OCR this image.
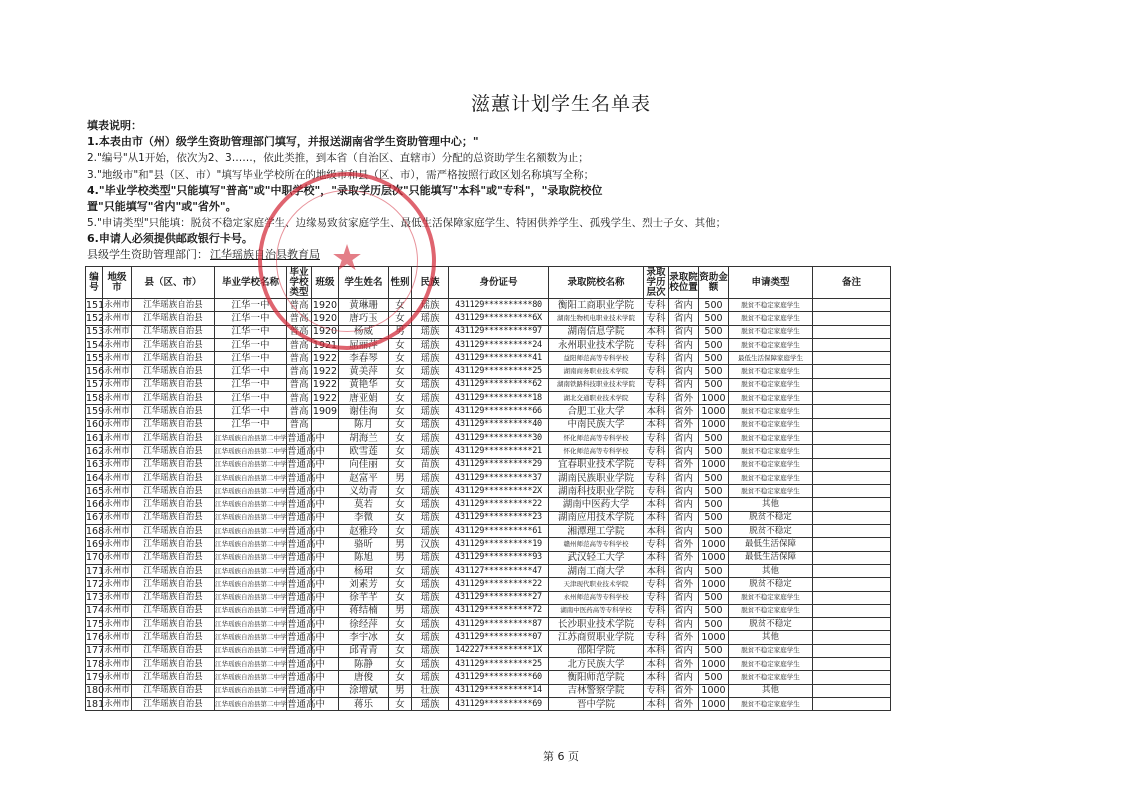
滋蕙计划学生名单表
填表说明：
1.本表由市（州）级学生资助管理部门填写，并报送湖南省学生资助管理中心；"
2."编号"从1开始，依次为2、3……，依此类推，到本省（自治区、直辖市）分配的总资助学生名额数为止；
3."地级市"和"县（区、市）"填写毕业学校所在的地级市和县（区、市），需严格按照行政区划名称填写全称；
4."毕业学校类型"只能填写"普高"或"中职学校"，"录取学历层次"只能填写"本科"或"专科"，"录取院校位
置"只能填写"省内"或"省外"。
5."申请类型"只能填：脱贫不稳定家庭学生、边缘易致贫家庭学生、最低生活保障家庭学生、特困供养学生、孤残学生、烈士子女、其他；
6.申请人必须提供邮政银行卡号。
县级学生资助管理部门： 江华瑶族自治县教育局
编号	地级市	县（区、市）	毕业学校名称	毕业学校类型	班级	学生姓名	性别	民族	身份证号	录取院校名称	录取学历层次	录取院校位置	资助金额	申请类型	备注
151	永州市	江华瑶族自治县	江华一中	普高	1920	黄琳珊	女	瑶族	431129**********80	衡阳工商职业学院	专科	省内	500	脱贫不稳定家庭学生	
152	永州市	江华瑶族自治县	江华一中	普高	1920	唐巧玉	女	瑶族	431129**********6X	湖南生物机电职业技术学院	专科	省内	500	脱贫不稳定家庭学生	
153	永州市	江华瑶族自治县	江华一中	普高	1920	杨威	男	瑶族	431129**********97	湖南信息学院	本科	省内	500	脱贫不稳定家庭学生	
154	永州市	江华瑶族自治县	江华一中	普高	1921	屈丽萍	女	瑶族	431129**********24	永州职业技术学院	专科	省内	500	脱贫不稳定家庭学生	
155	永州市	江华瑶族自治县	江华一中	普高	1922	李春琴	女	瑶族	431129**********41	益阳师范高等专科学校	专科	省内	500	最低生活保障家庭学生	
156	永州市	江华瑶族自治县	江华一中	普高	1922	黄美萍	女	瑶族	431129**********25	湖南商务职业技术学院	专科	省内	500	脱贫不稳定家庭学生	
157	永州市	江华瑶族自治县	江华一中	普高	1922	黄艳华	女	瑶族	431129**********62	湖南铁路科技职业技术学院	专科	省内	500	脱贫不稳定家庭学生	
158	永州市	江华瑶族自治县	江华一中	普高	1922	唐亚娟	女	瑶族	431129**********18	湖北交通职业技术学院	专科	省外	1000	脱贫不稳定家庭学生	
159	永州市	江华瑶族自治县	江华一中	普高	1909	谢佳洵	女	瑶族	431129**********66	合肥工业大学	本科	省外	1000	脱贫不稳定家庭学生	
160	永州市	江华瑶族自治县	江华一中	普高		陈月	女	瑶族	431129**********40	中南民族大学	本科	省外	1000	脱贫不稳定家庭学生	
161	永州市	江华瑶族自治县	江华瑶族自治县第二中学	普通高中		胡海兰	女	瑶族	431129**********30	怀化师范高等专科学校	专科	省内	500	脱贫不稳定家庭学生	
162	永州市	江华瑶族自治县	江华瑶族自治县第二中学	普通高中		欧雪莲	女	瑶族	431129**********21	怀化师范高等专科学校	专科	省内	500	脱贫不稳定家庭学生	
163	永州市	江华瑶族自治县	江华瑶族自治县第二中学	普通高中		向佳丽	女	苗族	431129**********29	宜春职业技术学院	专科	省外	1000	脱贫不稳定家庭学生	
164	永州市	江华瑶族自治县	江华瑶族自治县第二中学	普通高中		赵富平	男	瑶族	431129**********37	湖南民族职业学院	专科	省内	500	脱贫不稳定家庭学生	
165	永州市	江华瑶族自治县	江华瑶族自治县第二中学	普通高中		义幼青	女	瑶族	431129**********2X	湖南科技职业学院	专科	省内	500	脱贫不稳定家庭学生	
166	永州市	江华瑶族自治县	江华瑶族自治县第二中学	普通高中		莫若	女	瑶族	431129**********22	湖南中医药大学	本科	省内	500	其他	
167	永州市	江华瑶族自治县	江华瑶族自治县第二中学	普通高中		李微	女	瑶族	431129**********23	湖南应用技术学院	本科	省内	500	脱贫不稳定	
168	永州市	江华瑶族自治县	江华瑶族自治县第二中学	普通高中		赵雅玲	女	瑶族	431129**********61	湘潭理工学院	本科	省内	500	脱贫不稳定	
169	永州市	江华瑶族自治县	江华瑶族自治县第二中学	普通高中		骆昕	男	汉族	431129**********19	赣州师范高等专科学校	专科	省外	1000	最低生活保障	
170	永州市	江华瑶族自治县	江华瑶族自治县第二中学	普通高中		陈旭	男	瑶族	431129**********93	武汉轻工大学	本科	省外	1000	最低生活保障	
171	永州市	江华瑶族自治县	江华瑶族自治县第二中学	普通高中		杨珺	女	瑶族	431127**********47	湖南工商大学	本科	省内	500	其他	
172	永州市	江华瑶族自治县	江华瑶族自治县第二中学	普通高中		刘素芳	女	瑶族	431129**********22	天津现代职业技术学院	专科	省外	1000	脱贫不稳定	
173	永州市	江华瑶族自治县	江华瑶族自治县第二中学	普通高中		徐芊芊	女	瑶族	431129**********27	永州师范高等专科学校	专科	省内	500	脱贫不稳定家庭学生	
174	永州市	江华瑶族自治县	江华瑶族自治县第二中学	普通高中		蒋结楠	男	瑶族	431129**********72	湖南中医药高等专科学校	专科	省内	500	脱贫不稳定家庭学生	
175	永州市	江华瑶族自治县	江华瑶族自治县第二中学	普通高中		徐经萍	女	瑶族	431129**********87	长沙职业技术学院	专科	省内	500	脱贫不稳定	
176	永州市	江华瑶族自治县	江华瑶族自治县第二中学	普通高中		李宇冰	女	瑶族	431129**********07	江苏商贸职业学院	专科	省外	1000	其他	
177	永州市	江华瑶族自治县	江华瑶族自治县第二中学	普通高中		邱青青	女	瑶族	142227**********1X	邵阳学院	本科	省内	500	脱贫不稳定家庭学生	
178	永州市	江华瑶族自治县	江华瑶族自治县第二中学	普通高中		陈静	女	瑶族	431129**********25	北方民族大学	本科	省外	1000	脱贫不稳定家庭学生	
179	永州市	江华瑶族自治县	江华瑶族自治县第二中学	普通高中		唐俊	女	瑶族	431129**********60	衡阳师范学院	本科	省内	500	脱贫不稳定家庭学生	
180	永州市	江华瑶族自治县	江华瑶族自治县第二中学	普通高中		涂增斌	男	壮族	431129**********14	吉林警察学院	专科	省外	1000	其他	
181	永州市	江华瑶族自治县	江华瑶族自治县第二中学	普通高中		蒋乐	女	瑶族	431129**********69	晋中学院	本科	省外	1000	脱贫不稳定家庭学生	
★
第 6 页
